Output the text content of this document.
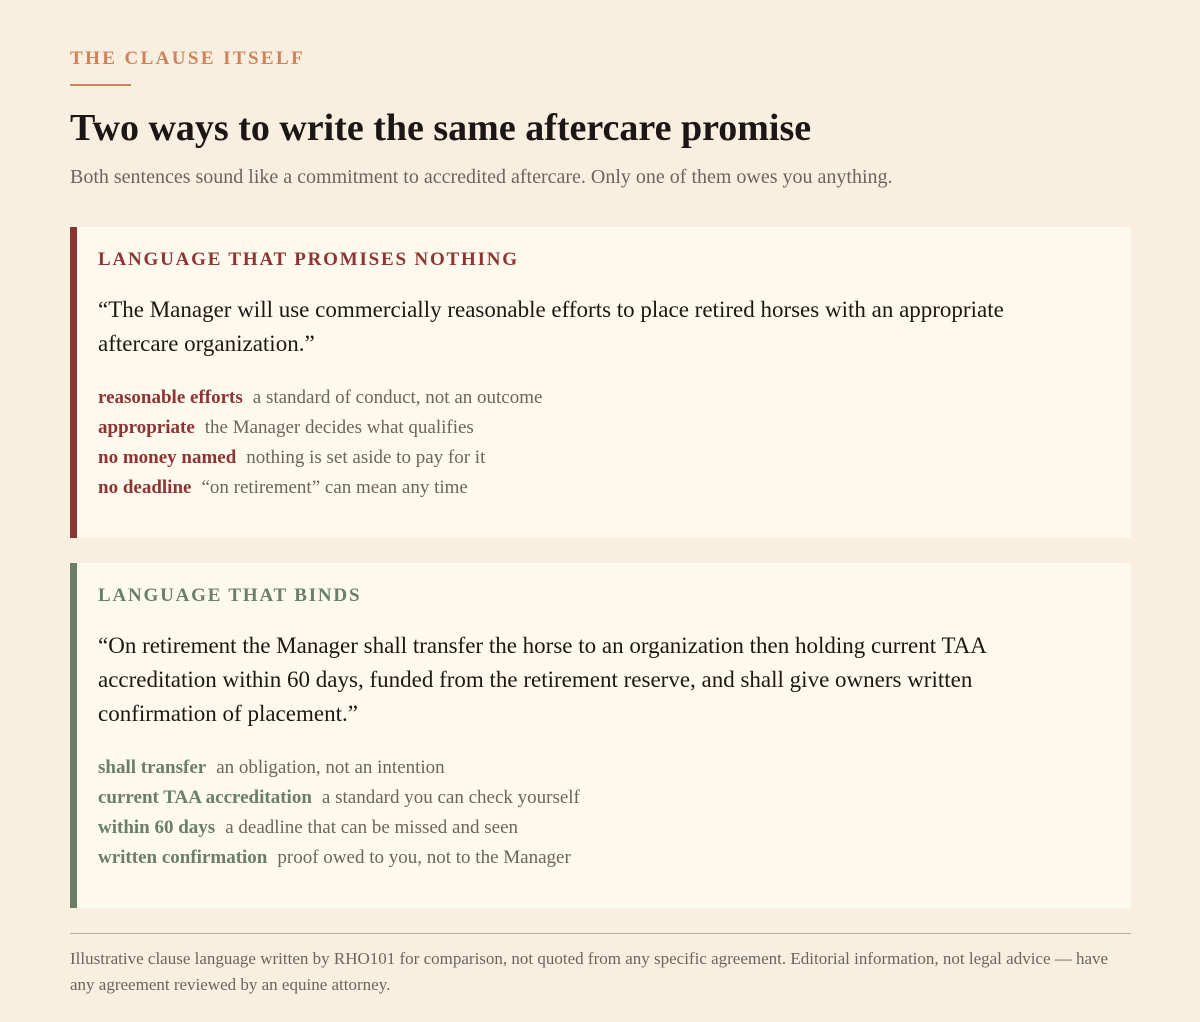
THE CLAUSE ITSELF

Two ways to write the same aftercare promise

Both sentences sound like a commitment to accredited aftercare. Only one of them owes you anything.

LANGUAGE THAT PROMISES NOTHING

“The Manager will use commercially reasonable efforts to place retired horses with an appropriate aftercare organization.”

reasonable efforts a standard of conduct, not an outcome
appropriate the Manager decides what qualifies
no money named nothing is set aside to pay for it
no deadline “on retirement” can mean any time

LANGUAGE THAT BINDS

“On retirement the Manager shall transfer the horse to an organization then holding current TAA accreditation within 60 days, funded from the retirement reserve, and shall give owners written confirmation of placement.”

shall transfer an obligation, not an intention
current TAA accreditation a standard you can check yourself
within 60 days a deadline that can be missed and seen
written confirmation proof owed to you, not to the Manager

Illustrative clause language written by RHO101 for comparison, not quoted from any specific agreement. Editorial information, not legal advice — have any agreement reviewed by an equine attorney.
